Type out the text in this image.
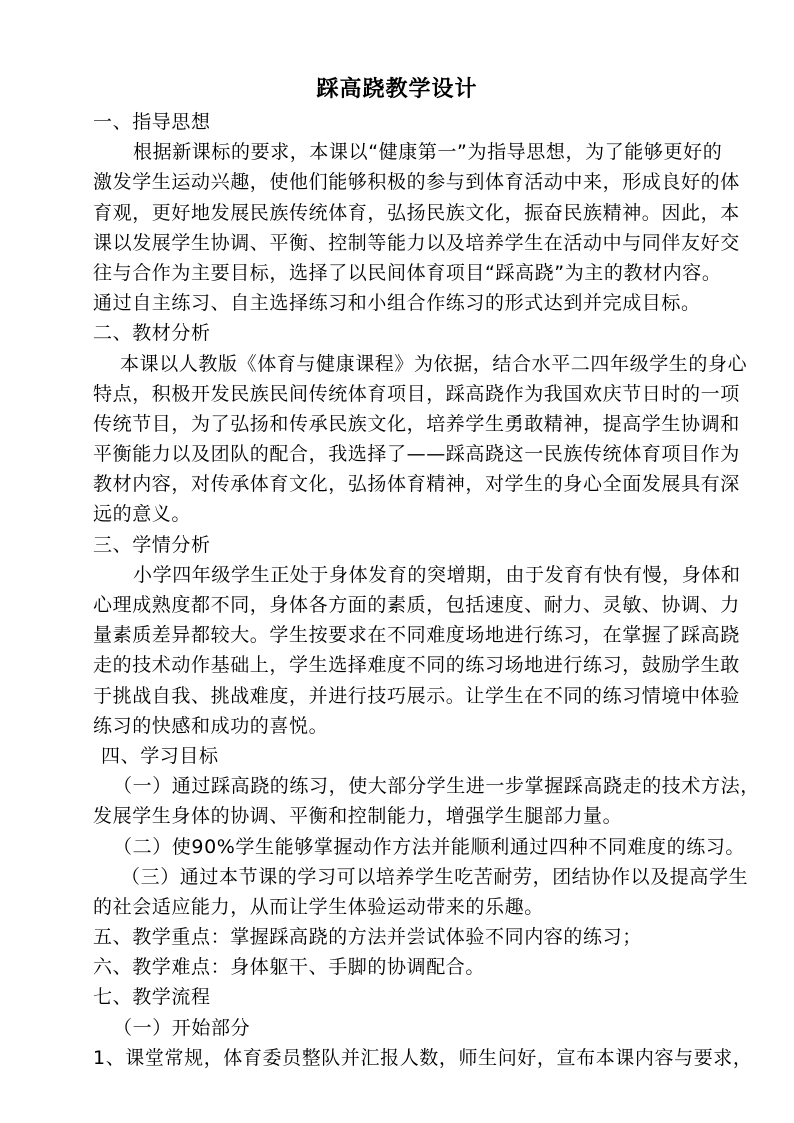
踩高跷教学设计
一、指导思想
根据新课标的要求，本课以“健康第一”为指导思想，为了能够更好的
激发学生运动兴趣，使他们能够积极的参与到体育活动中来，形成良好的体
育观，更好地发展民族传统体育，弘扬民族文化，振奋民族精神。因此，本
课以发展学生协调、平衡、控制等能力以及培养学生在活动中与同伴友好交
往与合作为主要目标，选择了以民间体育项目“踩高跷”为主的教材内容。
通过自主练习、自主选择练习和小组合作练习的形式达到并完成目标。
二、教材分析
本课以人教版《体育与健康课程》为依据，结合水平二四年级学生的身心
特点，积极开发民族民间传统体育项目，踩高跷作为我国欢庆节日时的一项
传统节目，为了弘扬和传承民族文化，培养学生勇敢精神，提高学生协调和
平衡能力以及团队的配合，我选择了——踩高跷这一民族传统体育项目作为
教材内容，对传承体育文化，弘扬体育精神，对学生的身心全面发展具有深
远的意义。
三、学情分析
小学四年级学生正处于身体发育的突增期，由于发育有快有慢，身体和
心理成熟度都不同，身体各方面的素质，包括速度、耐力、灵敏、协调、力
量素质差异都较大。学生按要求在不同难度场地进行练习，在掌握了踩高跷
走的技术动作基础上，学生选择难度不同的练习场地进行练习，鼓励学生敢
于挑战自我、挑战难度，并进行技巧展示。让学生在不同的练习情境中体验
练习的快感和成功的喜悦。
四、学习目标
（一）通过踩高跷的练习，使大部分学生进一步掌握踩高跷走的技术方法，
发展学生身体的协调、平衡和控制能力，增强学生腿部力量。
（二）使90%学生能够掌握动作方法并能顺利通过四种不同难度的练习。
（三）通过本节课的学习可以培养学生吃苦耐劳，团结协作以及提高学生
的社会适应能力，从而让学生体验运动带来的乐趣。
五、教学重点：掌握踩高跷的方法并尝试体验不同内容的练习；
六、教学难点：身体躯干、手脚的协调配合。
七、教学流程
（一）开始部分
1、课堂常规，体育委员整队并汇报人数，师生问好，宣布本课内容与要求，
